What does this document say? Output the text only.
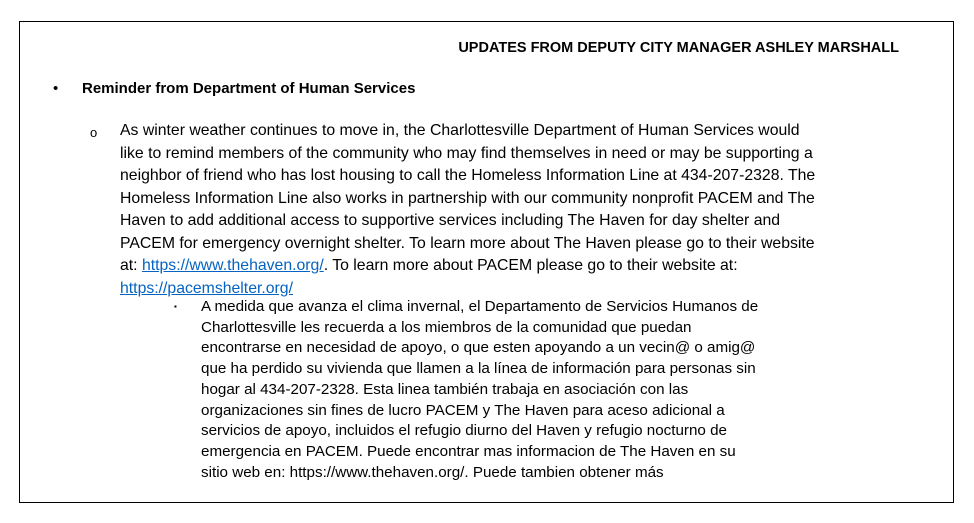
UPDATES FROM DEPUTY CITY MANAGER ASHLEY MARSHALL
• Reminder from Department of Human Services
o As winter weather continues to move in, the Charlottesville Department of Human Services would
like to remind members of the community who may find themselves in need or may be supporting a
neighbor of friend who has lost housing to call the Homeless Information Line at 434-207-2328. The
Homeless Information Line also works in partnership with our community nonprofit PACEM and The
Haven to add additional access to supportive services including The Haven for day shelter and
PACEM for emergency overnight shelter. To learn more about The Haven please go to their website
at: https://www.thehaven.org/. To learn more about PACEM please go to their website at:
https://pacemshelter.org/
▪ A medida que avanza el clima invernal, el Departamento de Servicios Humanos de
Charlottesville les recuerda a los miembros de la comunidad que puedan
encontrarse en necesidad de apoyo, o que esten apoyando a un vecin@ o amig@
que ha perdido su vivienda que llamen a la línea de información para personas sin
hogar al 434-207-2328. Esta linea también trabaja en asociación con las
organizaciones sin fines de lucro PACEM y The Haven para aceso adicional a
servicios de apoyo, incluidos el refugio diurno del Haven y refugio nocturno de
emergencia en PACEM. Puede encontrar mas informacion de The Haven en su
sitio web en: https://www.thehaven.org/. Puede tambien obtener más
